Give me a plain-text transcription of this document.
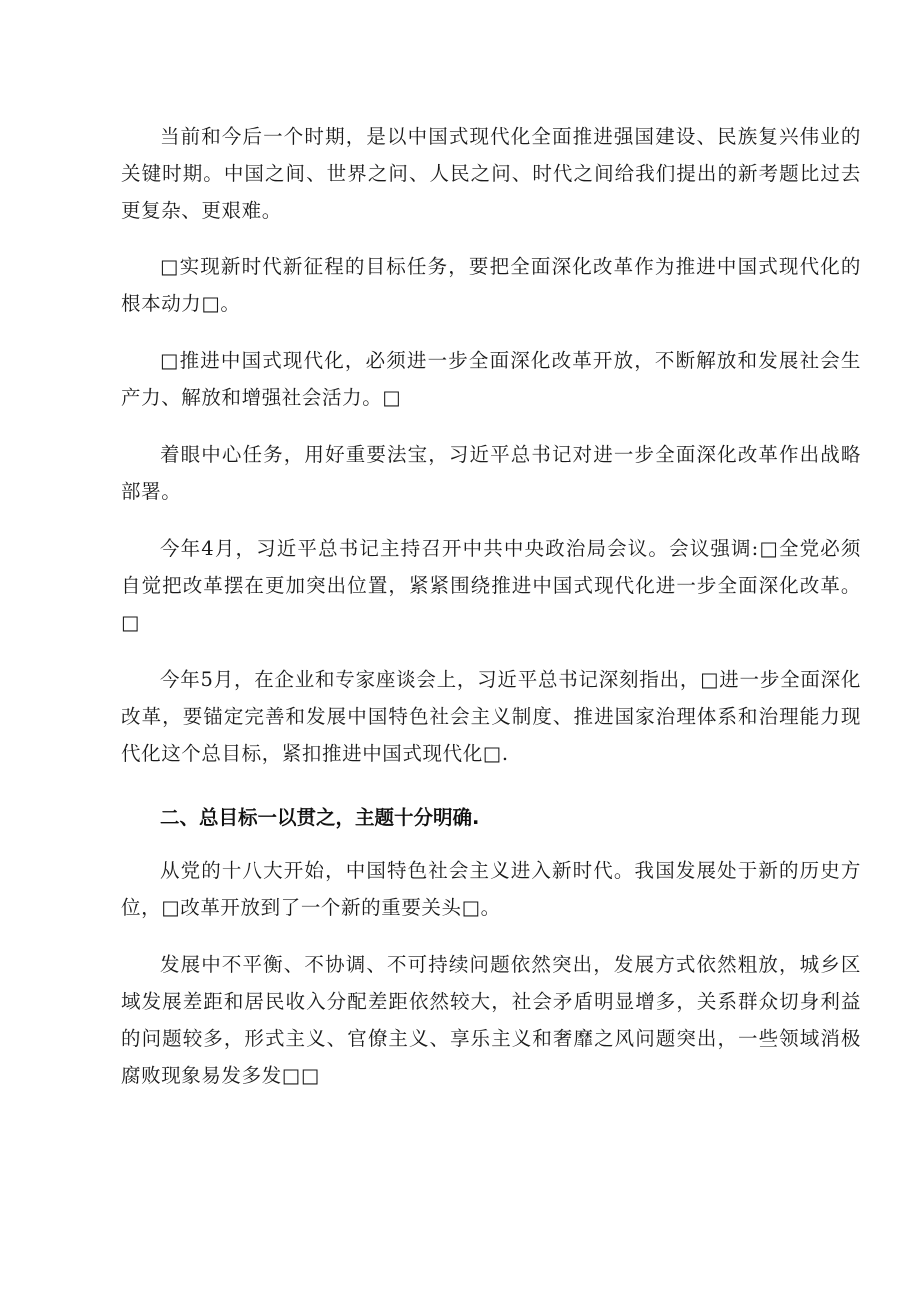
当前和今后一个时期，是以中国式现代化全面推进强国建设、民族复兴伟业的关键时期。中国之间、世界之问、人民之问、时代之间给我们提出的新考题比过去更复杂、更艰难。

□实现新时代新征程的目标任务，要把全面深化改革作为推进中国式现代化的根本动力□。

□推进中国式现代化，必须进一步全面深化改革开放，不断解放和发展社会生产力、解放和增强社会活力。□

着眼中心任务，用好重要法宝，习近平总书记对进一步全面深化改革作出战略部署。

今年4月，习近平总书记主持召开中共中央政治局会议。会议强调:□全党必须自觉把改革摆在更加突出位置，紧紧围绕推进中国式现代化进一步全面深化改革。□

今年5月，在企业和专家座谈会上，习近平总书记深刻指出，□进一步全面深化改革，要锚定完善和发展中国特色社会主义制度、推进国家治理体系和治理能力现代化这个总目标，紧扣推进中国式现代化□.

二、总目标一以贯之，主题十分明确.

从党的十八大开始，中国特色社会主义进入新时代。我国发展处于新的历史方位，□改革开放到了一个新的重要关头□。

发展中不平衡、不协调、不可持续问题依然突出，发展方式依然粗放，城乡区域发展差距和居民收入分配差距依然较大，社会矛盾明显增多，关系群众切身利益的问题较多，形式主义、官僚主义、享乐主义和奢靡之风问题突出，一些领域消极腐败现象易发多发□□
